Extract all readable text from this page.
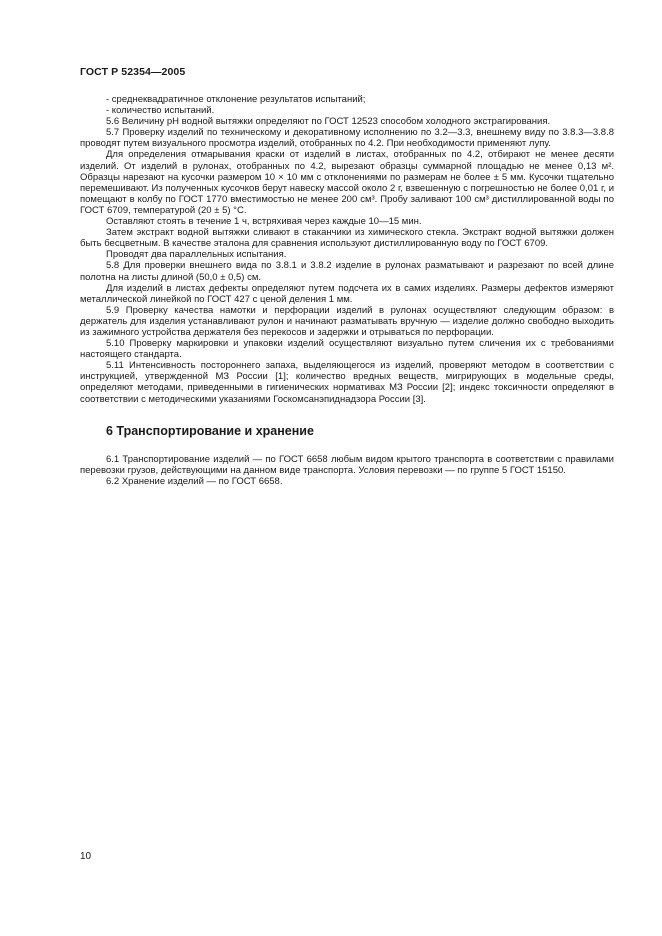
ГОСТ Р 52354—2005

- среднеквадратичное отклонение результатов испытаний;

- количество испытаний.

5.6 Величину pH водной вытяжки определяют по ГОСТ 12523 способом холодного экстрагирования.

5.7 Проверку изделий по техническому и декоративному исполнению по 3.2—3.3, внешнему виду по 3.8.3—3.8.8 проводят путем визуального просмотра изделий, отобранных по 4.2. При необходимости применяют лупу.

Для определения отмарывания краски от изделий в листах, отобранных по 4.2, отбирают не менее десяти изделий. От изделий в рулонах, отобранных по 4.2, вырезают образцы суммарной площадью не менее 0,13 м². Образцы нарезают на кусочки размером 10 × 10 мм с отклонениями по размерам не более ± 5 мм. Кусочки тщательно перемешивают. Из полученных кусочков берут навеску массой около 2 г, взвешенную с погрешностью не более 0,01 г, и помещают в колбу по ГОСТ 1770 вместимостью не менее 200 см³. Пробу заливают 100 см³ дистиллированной воды по ГОСТ 6709, температурой (20 ± 5) °С.

Оставляют стоять в течение 1 ч, встряхивая через каждые 10—15 мин.

Затем экстракт водной вытяжки сливают в стаканчики из химического стекла. Экстракт водной вытяжки должен быть бесцветным. В качестве эталона для сравнения используют дистиллированную воду по ГОСТ 6709.

Проводят два параллельных испытания.

5.8 Для проверки внешнего вида по 3.8.1 и 3.8.2 изделие в рулонах разматывают и разрезают по всей длине полотна на листы длиной (50,0 ± 0,5) см.

Для изделий в листах дефекты определяют путем подсчета их в самих изделиях. Размеры дефектов измеряют металлической линейкой по ГОСТ 427 с ценой деления 1 мм.

5.9 Проверку качества намотки и перфорации изделий в рулонах осуществляют следующим образом: в держатель для изделия устанавливают рулон и начинают разматывать вручную — изделие должно свободно выходить из зажимного устройства держателя без перекосов и задержки и отрываться по перфорации.

5.10 Проверку маркировки и упаковки изделий осуществляют визуально путем сличения их с требованиями настоящего стандарта.

5.11 Интенсивность постороннего запаха, выделяющегося из изделий, проверяют методом в соответствии с инструкцией, утвержденной МЗ России [1]; количество вредных веществ, мигрирующих в модельные среды, определяют методами, приведенными в гигиенических нормативах МЗ России [2]; индекс токсичности определяют в соответствии с методическими указаниями Госкомсанэпиднадзора России [3].

6 Транспортирование и хранение

6.1 Транспортирование изделий — по ГОСТ 6658 любым видом крытого транспорта в соответствии с правилами перевозки грузов, действующими на данном виде транспорта. Условия перевозки — по группе 5 ГОСТ 15150.

6.2 Хранение изделий — по ГОСТ 6658.

10
